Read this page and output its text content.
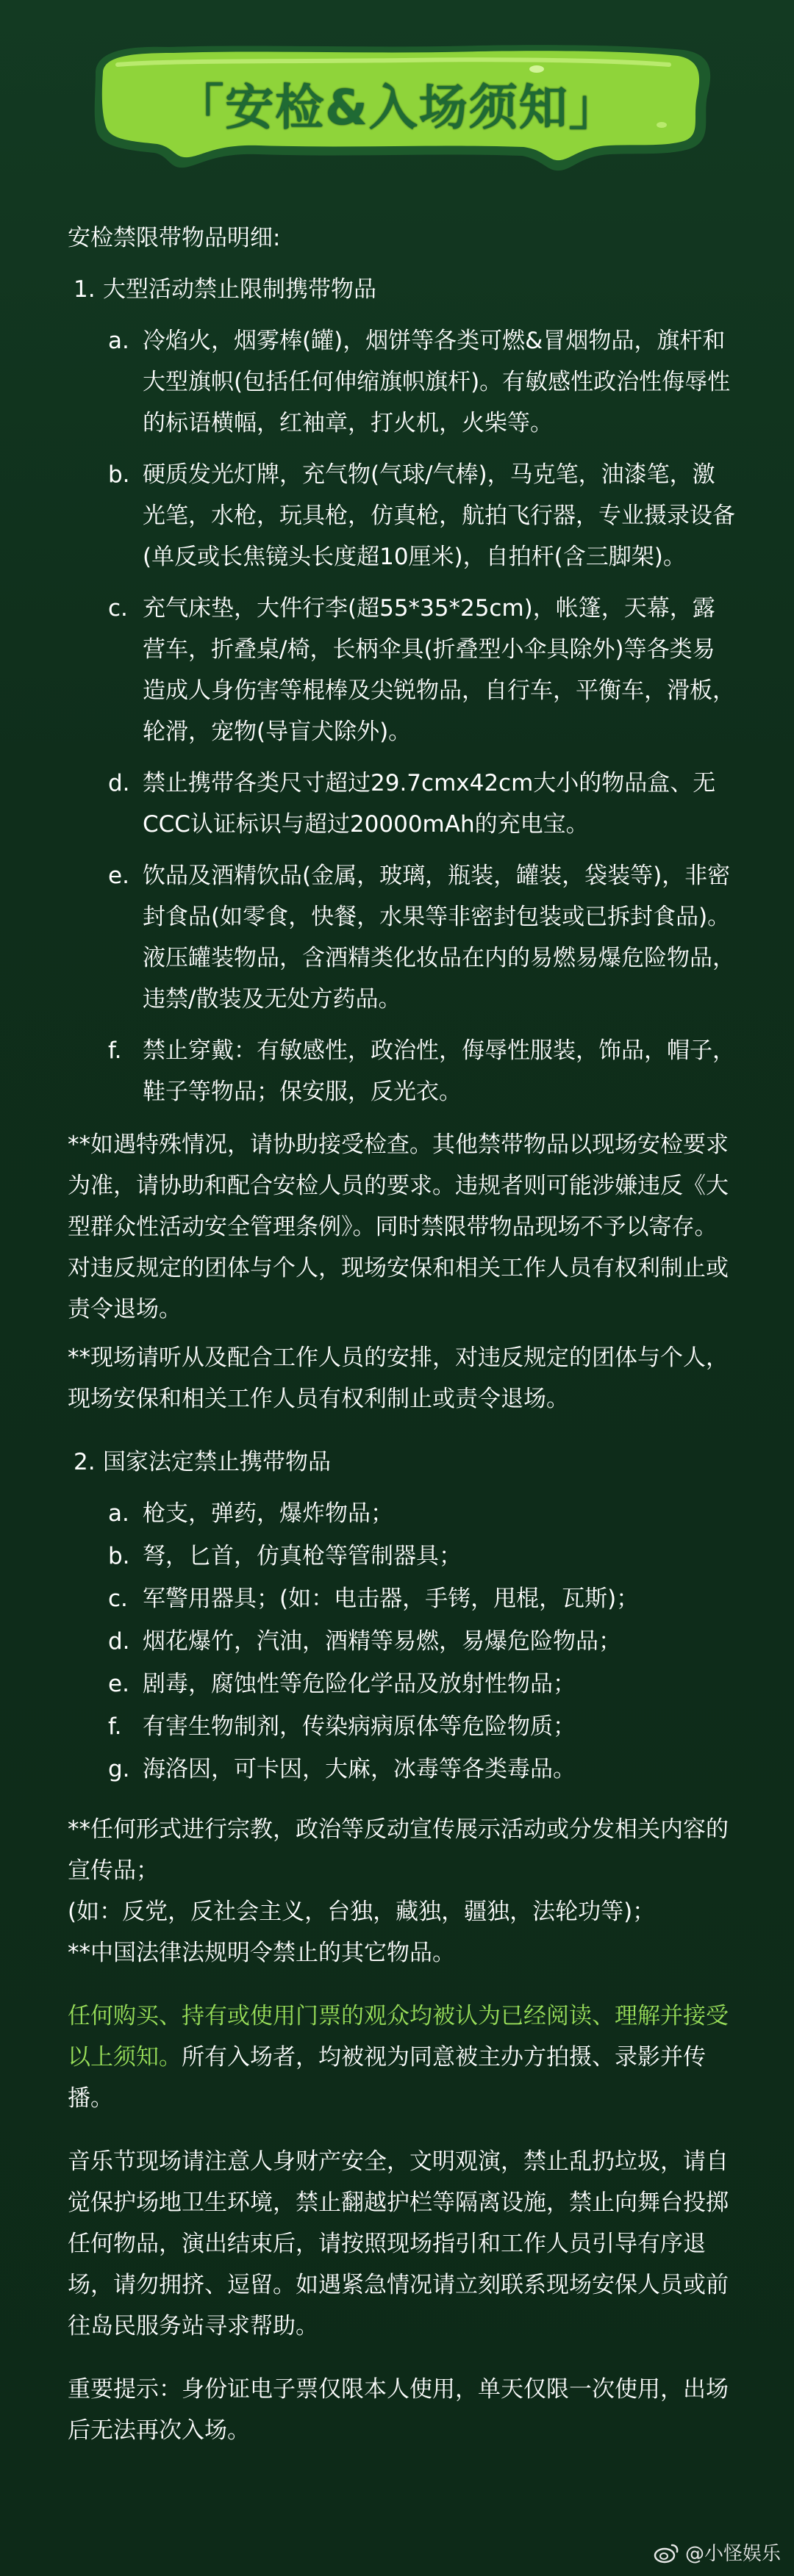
「安检&入场须知」
安检禁限带物品明细:
1. 大型活动禁止限制携带物品
a. 冷焰火，烟雾棒(罐)，烟饼等各类可燃&冒烟物品，旗杆和大型旗帜(包括任何伸缩旗帜旗杆)。有敏感性政治性侮辱性的标语横幅，红袖章，打火机，火柴等。
b. 硬质发光灯牌，充气物(气球/气棒)，马克笔，油漆笔，激光笔，水枪，玩具枪，仿真枪，航拍飞行器，专业摄录设备(单反或长焦镜头长度超10厘米)，自拍杆(含三脚架)。
c. 充气床垫，大件行李(超55*35*25cm)，帐篷，天幕，露营车，折叠桌/椅，长柄伞具(折叠型小伞具除外)等各类易造成人身伤害等棍棒及尖锐物品，自行车，平衡车，滑板，轮滑，宠物(导盲犬除外)。
d. 禁止携带各类尺寸超过29.7cmx42cm大小的物品盒、无CCC认证标识与超过20000mAh的充电宝。
e. 饮品及酒精饮品(金属，玻璃，瓶装，罐装，袋装等)，非密封食品(如零食，快餐，水果等非密封包装或已拆封食品)。液压罐装物品，含酒精类化妆品在内的易燃易爆危险物品，违禁/散装及无处方药品。
f. 禁止穿戴：有敏感性，政治性，侮辱性服装，饰品，帽子，鞋子等物品；保安服，反光衣。
**如遇特殊情况，请协助接受检查。其他禁带物品以现场安检要求为准，请协助和配合安检人员的要求。违规者则可能涉嫌违反《大型群众性活动安全管理条例》。同时禁限带物品现场不予以寄存。对违反规定的团体与个人，现场安保和相关工作人员有权利制止或责令退场。
**现场请听从及配合工作人员的安排，对违反规定的团体与个人，现场安保和相关工作人员有权利制止或责令退场。
2. 国家法定禁止携带物品
a. 枪支，弹药，爆炸物品；
b. 弩，匕首，仿真枪等管制器具；
c. 军警用器具；(如：电击器，手铐，甩棍，瓦斯)；
d. 烟花爆竹，汽油，酒精等易燃，易爆危险物品；
e. 剧毒，腐蚀性等危险化学品及放射性物品；
f. 有害生物制剂，传染病病原体等危险物质；
g. 海洛因，可卡因，大麻，冰毒等各类毒品。
**任何形式进行宗教，政治等反动宣传展示活动或分发相关内容的宣传品；
(如：反党，反社会主义，台独，藏独，疆独，法轮功等)；
**中国法律法规明令禁止的其它物品。
任何购买、持有或使用门票的观众均被认为已经阅读、理解并接受以上须知。所有入场者，均被视为同意被主办方拍摄、录影并传播。
音乐节现场请注意人身财产安全，文明观演，禁止乱扔垃圾，请自觉保护场地卫生环境，禁止翻越护栏等隔离设施，禁止向舞台投掷任何物品，演出结束后，请按照现场指引和工作人员引导有序退场，请勿拥挤、逗留。如遇紧急情况请立刻联系现场安保人员或前往岛民服务站寻求帮助。
重要提示：身份证电子票仅限本人使用，单天仅限一次使用，出场后无法再次入场。
@小怪娱乐
